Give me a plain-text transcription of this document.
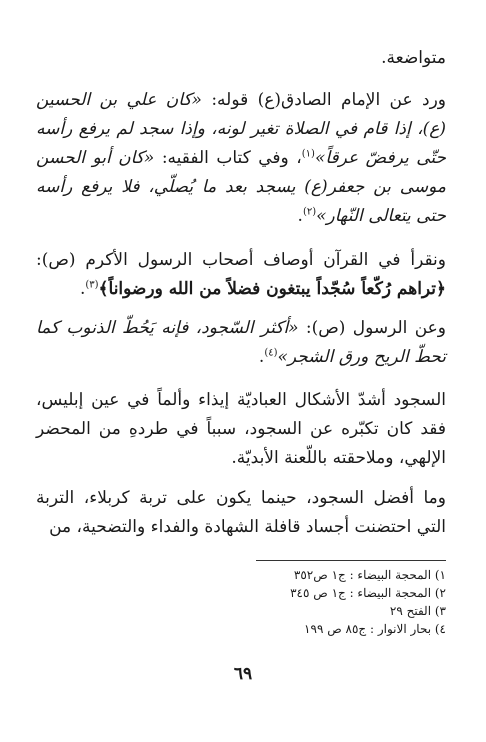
متواضعة.

ورد عن الإمام الصادق(ع) قوله: «كان علي بن الحسين (ع)، إذا قام في الصلاة تغير لونه، وإذا سجد لم يرفع رأسه حتّى يرفضّ عرقاً»$^{(١)}$، وفي كتاب الفقيه: «كان أبو الحسن موسى بن جعفر(ع) يسجد بعد ما يُصلّي، فلا يرفع رأسه حتى يتعالى النّهار»$^{(٢)}$.

ونقرأ في القرآن أوصاف أصحاب الرسول الأكرم (ص): ﴿تراهم رُكّعاً سُجّداً يبتغون فضلاً من الله ورضواناً﴾$^{(٣)}$.

وعن الرسول (ص): «أكثر السّجود، فإنه يَحُطّ الذنوب كما تحطّ الريح ورق الشجر»$^{(٤)}$.

السجود أشدّ الأشكال العباديّة إيذاء وألماً في عين إبليس، فقد كان تكبّره عن السجود، سبباً في طردهِ من المحضر الإلهي، وملاحقته باللّعنة الأبديّة.

وما أفضل السجود، حينما يكون على تربة كربلاء، التربة التي احتضنت أجساد قافلة الشهادة والفداء والتضحية، من

١) المحجة البيضاء : ج١ ص٣٥٢
٢) المحجة البيضاء : ج١ ص ٣٤٥
٣) الفتح ٢٩
٤) بحار الانوار : ج٨٥ ص ١٩٩
٦٩
